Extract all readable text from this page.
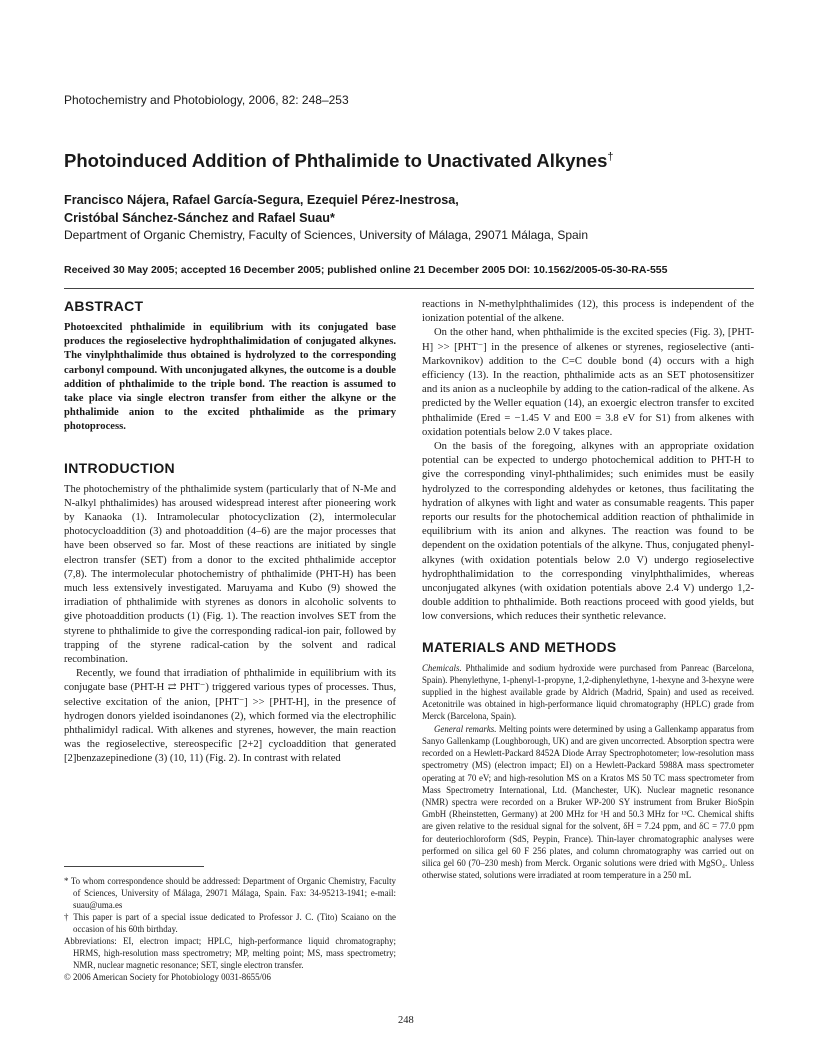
Photochemistry and Photobiology, 2006, 82: 248–253
Photoinduced Addition of Phthalimide to Unactivated Alkynes†
Francisco Nájera, Rafael García-Segura, Ezequiel Pérez-Inestrosa,
Cristóbal Sánchez-Sánchez and Rafael Suau*
Department of Organic Chemistry, Faculty of Sciences, University of Málaga, 29071 Málaga, Spain
Received 30 May 2005; accepted 16 December 2005; published online 21 December 2005 DOI: 10.1562/2005-05-30-RA-555
ABSTRACT

Photoexcited phthalimide in equilibrium with its conjugated base produces the regioselective hydrophthalimidation of conjugated alkynes. The vinylphthalimide thus obtained is hydrolyzed to the corresponding carbonyl compound. With unconjugated alkynes, the outcome is a double addition of phthalimide to the triple bond. The reaction is assumed to take place via single electron transfer from either the alkyne or the phthalimide anion to the excited phthalimide as the primary photoprocess.

INTRODUCTION

The photochemistry of the phthalimide system (particularly that of N-Me and N-alkyl phthalimides) has aroused widespread interest after pioneering work by Kanaoka (1). Intramolecular photocyclization (2), intermolecular photocycloaddition (3) and photoaddition (4–6) are the major processes that have been observed so far. Most of these reactions are initiated by single electron transfer (SET) from a donor to the excited phthalimide acceptor (7,8). The intermolecular photochemistry of phthalimide (PHT-H) has been much less extensively investigated. Maruyama and Kubo (9) showed the irradiation of phthalimide with styrenes as donors in alcoholic solvents to give photoaddition products (1) (Fig. 1). The reaction involves SET from the styrene to phthalimide to give the corresponding radical-ion pair, followed by trapping of the styrene radical-cation by the solvent and radical recombination.

Recently, we found that irradiation of phthalimide in equilibrium with its conjugate base (PHT-H ⇄ PHT⁻) triggered various types of processes. Thus, selective excitation of the anion, [PHT⁻] >> [PHT-H], in the presence of hydrogen donors yielded isoindanones (2), which formed via the electrophilic phthalimidyl radical. With alkenes and styrenes, however, the main reaction was the regioselective, stereospecific [2+2] cycloaddition that generated [2]benzazepinedione (3) (10, 11) (Fig. 2). In contrast with related

reactions in N-methylphthalimides (12), this process is independent of the ionization potential of the alkene.

On the other hand, when phthalimide is the excited species (Fig. 3), [PHT-H] >> [PHT⁻] in the presence of alkenes or styrenes, regioselective (anti-Markovnikov) addition to the C=C double bond (4) occurs with a high efficiency (13). In the reaction, phthalimide acts as an SET photosensitizer and its anion as a nucleophile by adding to the cation-radical of the alkene. As predicted by the Weller equation (14), an exoergic electron transfer to excited phthalimide (Ered = −1.45 V and E00 = 3.8 eV for S1) from alkenes with oxidation potentials below 2.0 V takes place.

On the basis of the foregoing, alkynes with an appropriate oxidation potential can be expected to undergo photochemical addition to PHT-H to give the corresponding vinyl-phthalimides; such enimides must be easily hydrolyzed to the corresponding aldehydes or ketones, thus facilitating the hydration of alkynes with light and water as consumable reagents. This paper reports our results for the photochemical addition reaction of phthalimide in equilibrium with its anion and alkynes. The reaction was found to be dependent on the oxidation potentials of the alkyne. Thus, conjugated phenyl-alkynes (with oxidation potentials below 2.0 V) undergo regioselective hydrophthalimidation to the corresponding vinylphthalimides, whereas unconjugated alkynes (with oxidation potentials above 2.4 V) undergo 1,2-double addition to phthalimide. Both reactions proceed with good yields, but low conversions, which reduces their synthetic relevance.

MATERIALS AND METHODS

Chemicals. Phthalimide and sodium hydroxide were purchased from Panreac (Barcelona, Spain). Phenylethyne, 1-phenyl-1-propyne, 1,2-diphenylethyne, 1-hexyne and 3-hexyne were supplied in the highest available grade by Aldrich (Madrid, Spain) and used as received. Acetonitrile was obtained in high-performance liquid chromatography (HPLC) grade from Merck (Barcelona, Spain).

General remarks. Melting points were determined by using a Gallenkamp apparatus from Sanyo Gallenkamp (Loughborough, UK) and are given uncorrected. Absorption spectra were recorded on a Hewlett-Packard 8452A Diode Array Spectrophotometer; low-resolution mass spectrometry (MS) (electron impact; EI) on a Hewlett-Packard 5988A mass spectrometer operating at 70 eV; and high-resolution MS on a Kratos MS 50 TC mass spectrometer from Mass Spectrometry International, Ltd. (Manchester, UK). Nuclear magnetic resonance (NMR) spectra were recorded on a Bruker WP-200 SY instrument from Bruker BioSpin GmbH (Rheinstetten, Germany) at 200 MHz for ¹H and 50.3 MHz for ¹³C. Chemical shifts are given relative to the residual signal for the solvent, δH = 7.24 ppm, and δC = 77.0 ppm for deuteriochloroform (SdS, Peypin, France). Thin-layer chromatographic analyses were performed on silica gel 60 F 256 plates, and column chromatography was carried out on silica gel 60 (70–230 mesh) from Merck. Organic solutions were dried with MgSO₄. Unless otherwise stated, solutions were irradiated at room temperature in a 250 mL

* To whom correspondence should be addressed: Department of Organic Chemistry, Faculty of Sciences, University of Málaga, 29071 Málaga, Spain. Fax: 34-95213-1941; e-mail: suau@uma.es
† This paper is part of a special issue dedicated to Professor J. C. (Tito) Scaiano on the occasion of his 60th birthday.
Abbreviations: EI, electron impact; HPLC, high-performance liquid chromatography; HRMS, high-resolution mass spectrometry; MP, melting point; MS, mass spectrometry; NMR, nuclear magnetic resonance; SET, single electron transfer.
© 2006 American Society for Photobiology 0031-8655/06
248
